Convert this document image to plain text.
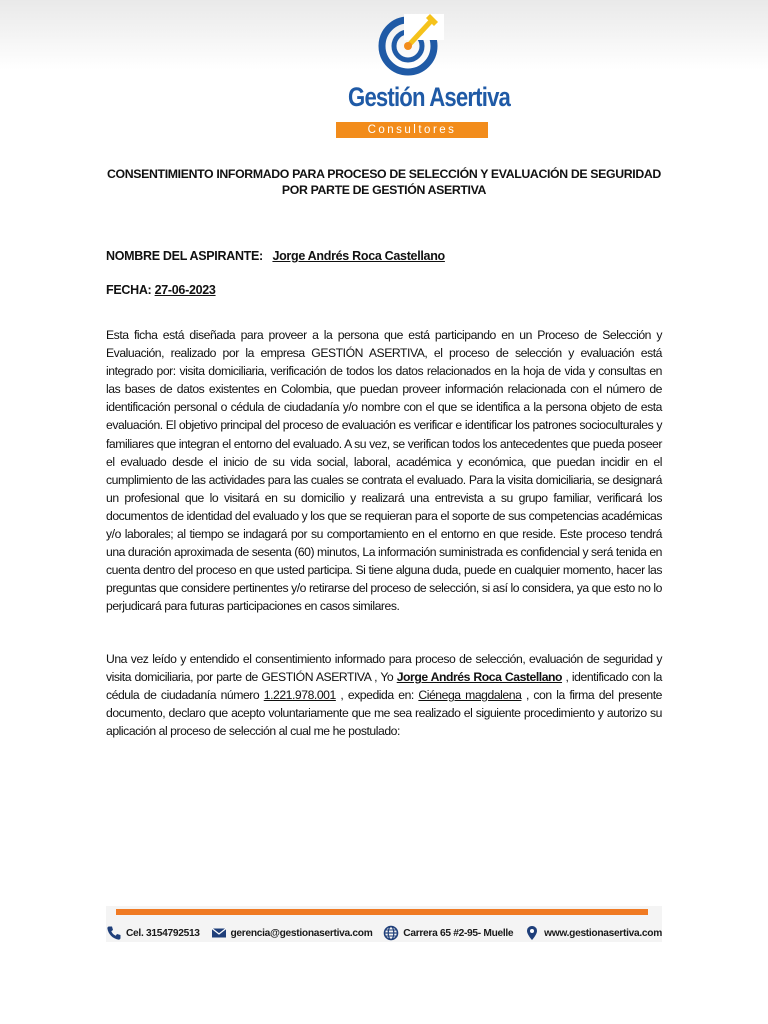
Gestión Asertiva
Consultores
CONSENTIMIENTO INFORMADO PARA PROCESO DE SELECCIÓN Y EVALUACIÓN DE SEGURIDAD
POR PARTE DE GESTIÓN ASERTIVA
NOMBRE DEL ASPIRANTE: Jorge Andrés Roca Castellano
FECHA: 27-06-2023

Esta ficha está diseñada para proveer a la persona que está participando en un Proceso de Selección y Evaluación, realizado por la empresa GESTIÓN ASERTIVA, el proceso de selección y evaluación está integrado por: visita domiciliaria, verificación de todos los datos relacionados en la hoja de vida y consultas en las bases de datos existentes en Colombia, que puedan proveer información relacionada con el número de identificación personal o cédula de ciudadanía y/o nombre con el que se identifica a la persona objeto de esta evaluación. El objetivo principal del proceso de evaluación es verificar e identificar los patrones socioculturales y familiares que integran el entorno del evaluado. A su vez, se verifican todos los antecedentes que pueda poseer el evaluado desde el inicio de su vida social, laboral, académica y económica, que puedan incidir en el cumplimiento de las actividades para las cuales se contrata el evaluado. Para la visita domiciliaria, se designará un profesional que lo visitará en su domicilio y realizará una entrevista a su grupo familiar, verificará los documentos de identidad del evaluado y los que se requieran para el soporte de sus competencias académicas y/o laborales; al tiempo se indagará por su comportamiento en el entorno en que reside. Este proceso tendrá una duración aproximada de sesenta (60) minutos, La información suministrada es confidencial y será tenida en cuenta dentro del proceso en que usted participa. Si tiene alguna duda, puede en cualquier momento, hacer las preguntas que considere pertinentes y/o retirarse del proceso de selección, si así lo considera, ya que esto no lo perjudicará para futuras participaciones en casos similares.

Una vez leído y entendido el consentimiento informado para proceso de selección, evaluación de seguridad y visita domiciliaria, por parte de GESTIÓN ASERTIVA , Yo Jorge Andrés Roca Castellano , identificado con la cédula de ciudadanía número 1.221.978.001 , expedida en: Ciénega magdalena , con la firma del presente documento, declaro que acepto voluntariamente que me sea realizado el siguiente procedimiento y autorizo su aplicación al proceso de selección al cual me he postulado:

Cel. 3154792513	gerencia@gestionasertiva.com	Carrera 65 #2-95- Muelle	www.gestionasertiva.com
